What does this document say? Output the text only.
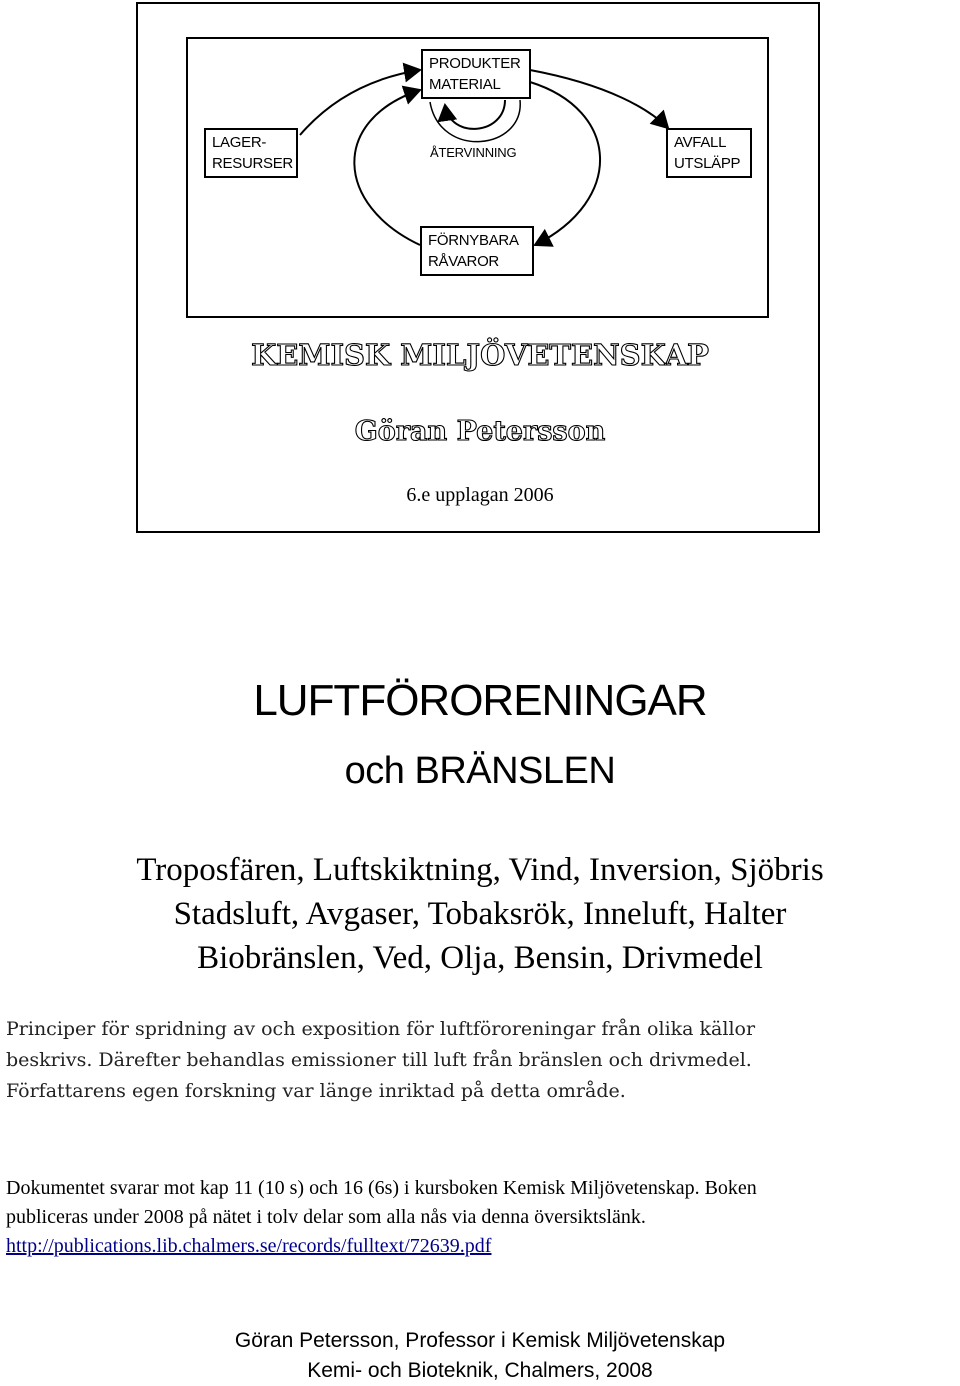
PRODUKTER
MATERIAL
LAGER-
RESURSER
AVFALL
UTSLÄPP
FÖRNYBARA
RÅVAROR
ÅTERVINNING
KEMISK MILJÖVETENSKAP
Göran Petersson
6.e upplagan 2006
LUFTFÖRORENINGAR
och BRÄNSLEN
Troposfären, Luftskiktning, Vind, Inversion, Sjöbris
Stadsluft, Avgaser, Tobaksrök, Inneluft, Halter
Biobränslen, Ved, Olja, Bensin, Drivmedel
Principer för spridning av och exposition för luftföroreningar från olika källor
beskrivs. Därefter behandlas emissioner till luft från bränslen och drivmedel.
Författarens egen forskning var länge inriktad på detta område.
Dokumentet svarar mot kap 11 (10 s) och 16 (6s) i kursboken Kemisk Miljövetenskap. Boken
publiceras under 2008 på nätet i tolv delar som alla nås via denna översiktslänk.
http://publications.lib.chalmers.se/records/fulltext/72639.pdf
Göran Petersson, Professor i Kemisk Miljövetenskap
Kemi- och Bioteknik, Chalmers, 2008
